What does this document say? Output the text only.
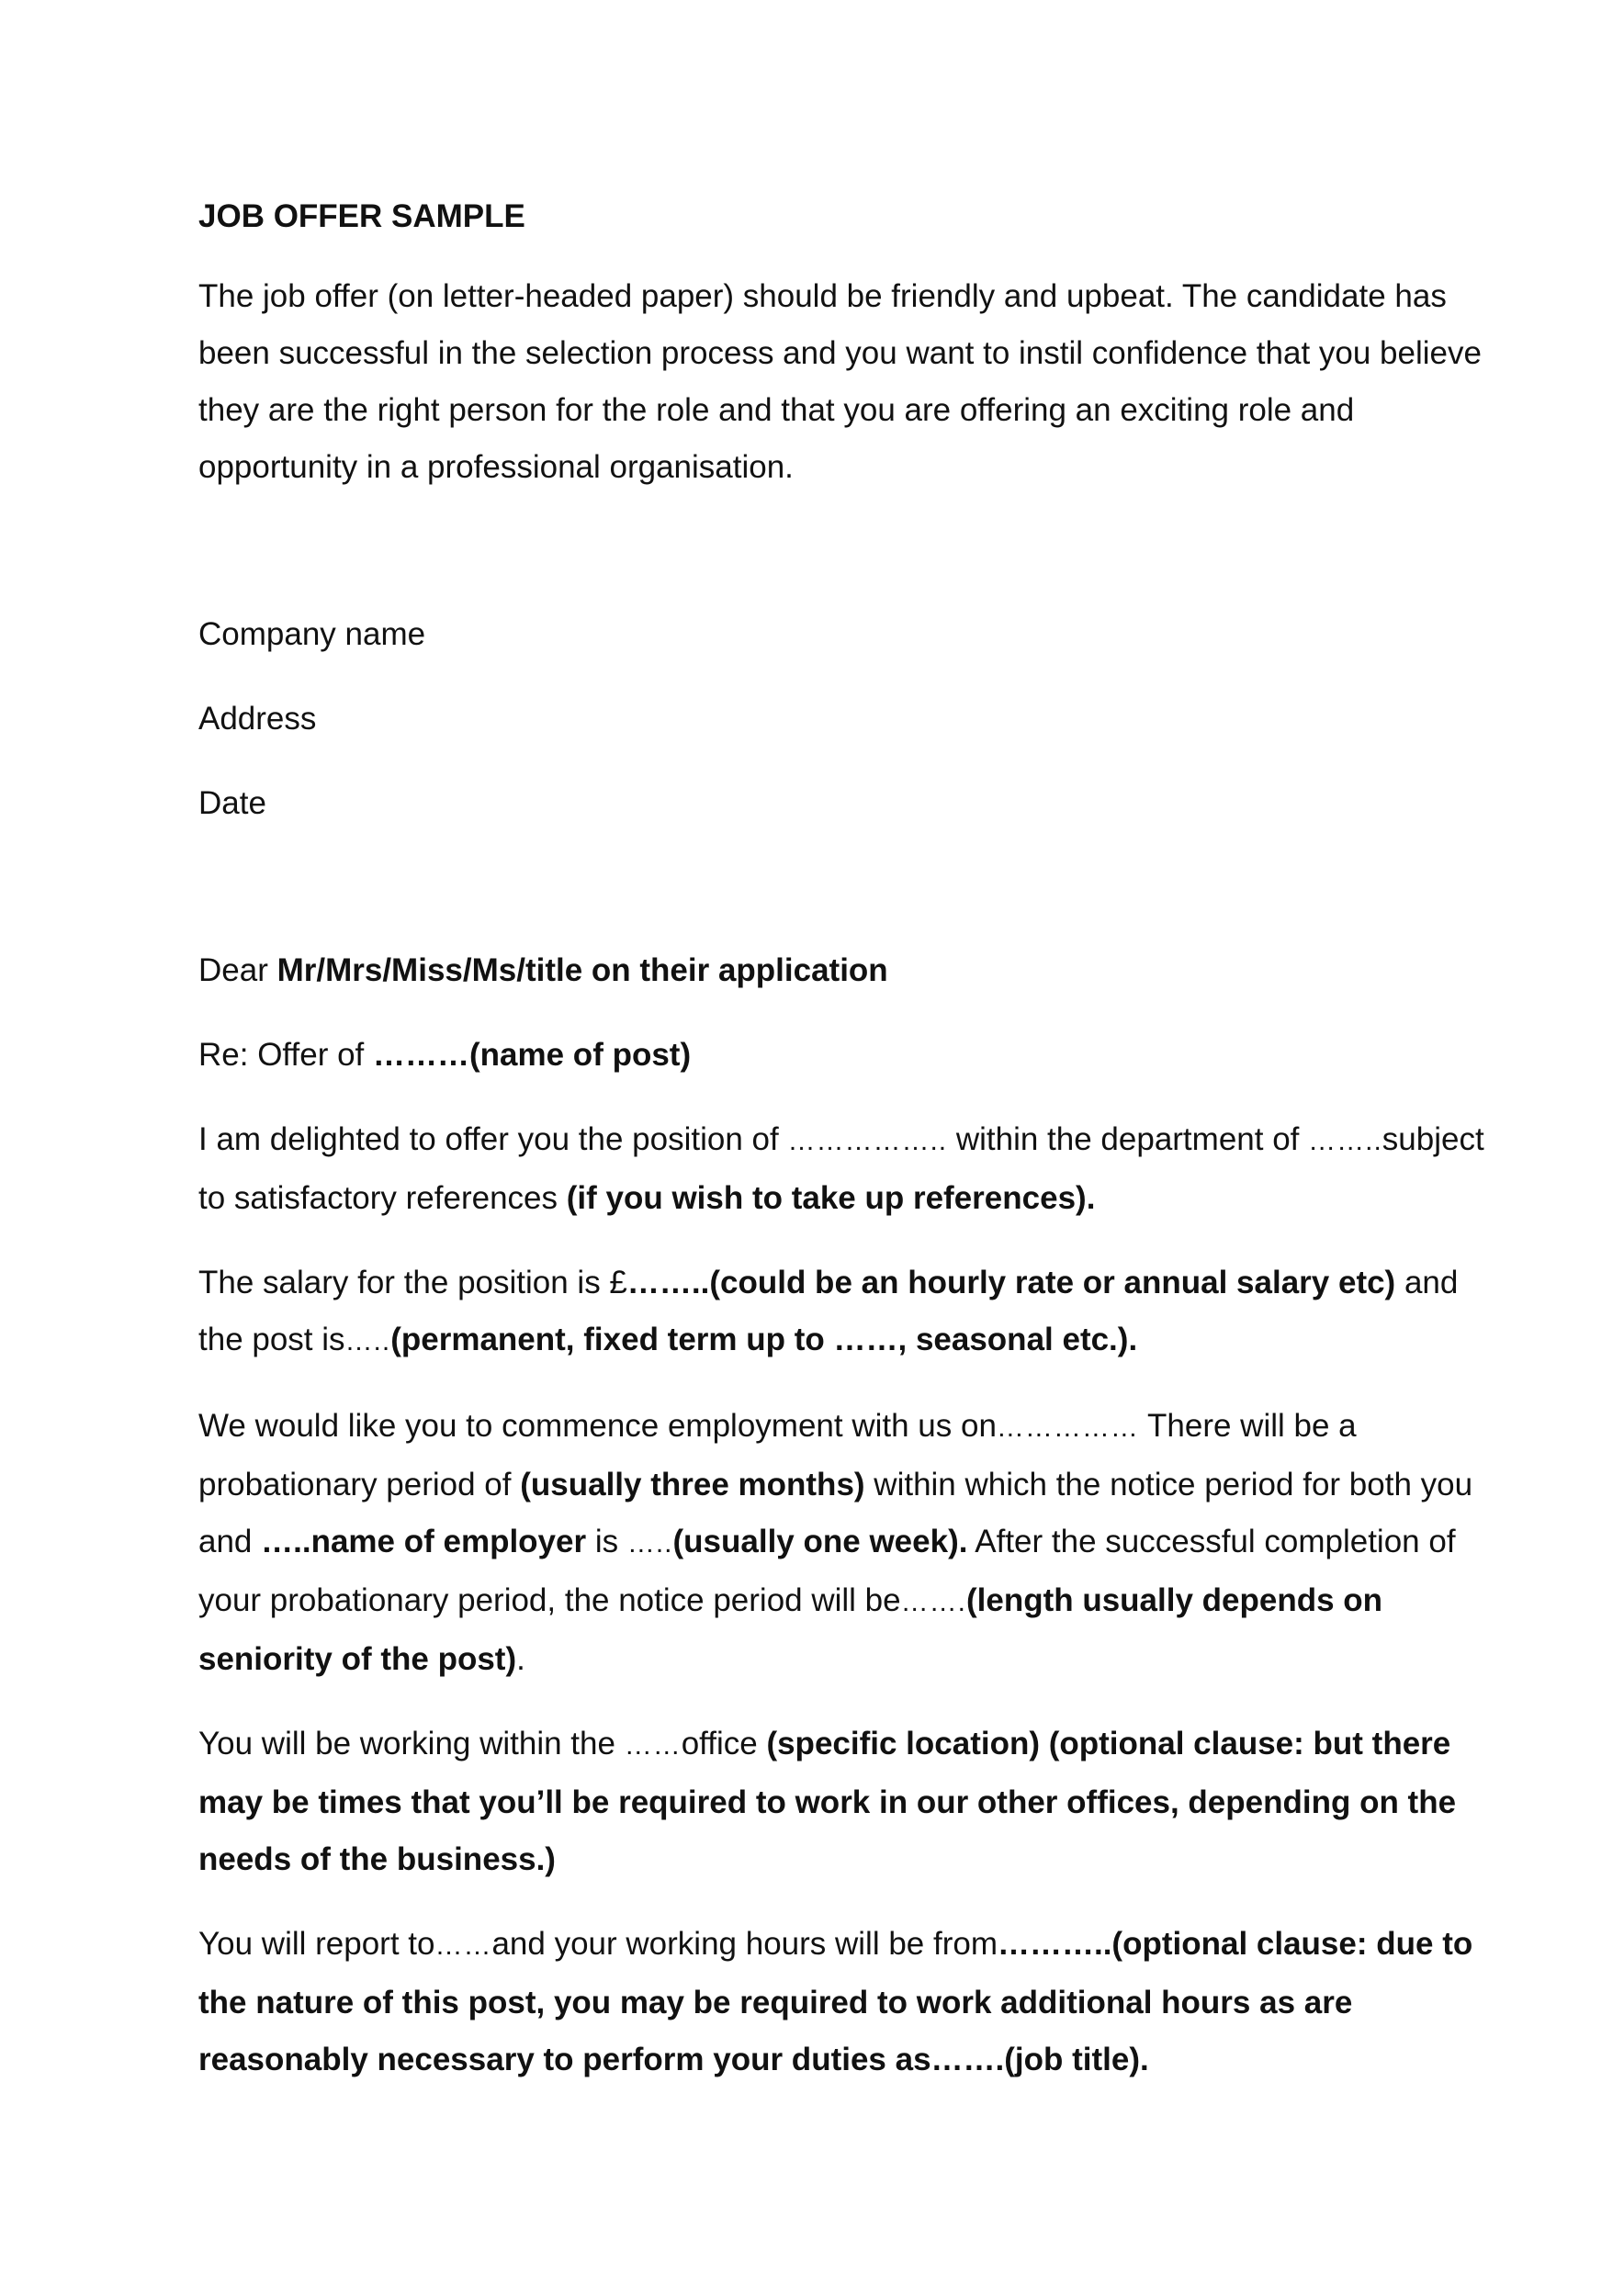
JOB OFFER SAMPLE

The job offer (on letter-headed paper) should be friendly and upbeat. The candidate has been successful in the selection process and you want to instil confidence that you believe they are the right person for the role and that you are offering an exciting role and opportunity in a professional organisation.

Company name

Address

Date

Dear Mr/Mrs/Miss/Ms/title on their application

Re: Offer of ………(name of post)

I am delighted to offer you the position of …………….. within the department of ……..subject to satisfactory references (if you wish to take up references).

The salary for the position is £……..(could be an hourly rate or annual salary etc) and the post is…..(permanent, fixed term up to ……, seasonal etc.).

We would like you to commence employment with us on…………… There will be a probationary period of (usually three months) within which the notice period for both you and …..name of employer is …..(usually one week). After the successful completion of your probationary period, the notice period will be…….(length usually depends on seniority of the post).

You will be working within the ……office (specific location) (optional clause: but there may be times that you’ll be required to work in our other offices, depending on the needs of the business.)

You will report to……and your working hours will be from………..(optional clause: due to the nature of this post, you may be required to work additional hours as are reasonably necessary to perform your duties as…….(job title).
